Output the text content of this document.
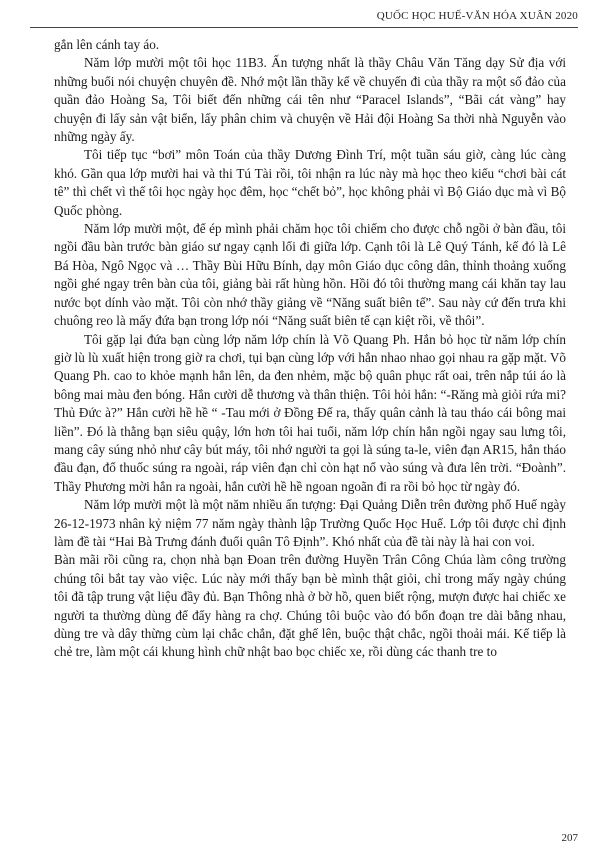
QUỐC HỌC HUẾ-VĂN HÓA XUÂN 2020

gắn lên cánh tay áo.

Năm lớp mười một tôi học 11B3. Ấn tượng nhất là thầy Châu Văn Tăng dạy Sử địa với những buổi nói chuyện chuyên đề. Nhớ một lần thầy kể về chuyến đi của thầy ra một số đảo của quần đảo Hoàng Sa, Tôi biết đến những cái tên như “Paracel Islands”, “Bãi cát vàng” hay chuyện đi lấy sản vật biển, lấy phân chim và chuyện về Hải đội Hoàng Sa thời nhà Nguyễn vào những ngày ấy.

Tôi tiếp tục “bơi” môn Toán của thầy Dương Đình Trí, một tuần sáu giờ, càng lúc càng khó. Gần qua lớp mười hai và thi Tú Tài rồi, tôi nhận ra lúc này mà học theo kiểu “chơi bài cát tê” thì chết vì thế tôi học ngày học đêm, học “chết bỏ”, học không phải vì Bộ Giáo dục mà vì Bộ Quốc phòng.

Năm lớp mười một, để ép mình phải chăm học tôi chiếm cho được chỗ ngồi ở bàn đầu, tôi ngồi đầu bàn trước bàn giáo sư ngay cạnh lối đi giữa lớp. Cạnh tôi là Lê Quý Tánh, kế đó là Lê Bá Hòa, Ngô Ngọc và … Thầy Bùi Hữu Bính, dạy môn Giáo dục công dân, thỉnh thoảng xuống ngồi ghé ngay trên bàn của tôi, giảng bài rất hùng hồn. Hồi đó tôi thường mang cái khăn tay lau nước bọt dính vào mặt. Tôi còn nhớ thầy giảng về “Năng suất biên tế”. Sau này cứ đến trưa khi chuông reo là mấy đứa bạn trong lớp nói “Năng suất biên tế cạn kiệt rồi, về thôi”.

Tôi gặp lại đứa bạn cùng lớp năm lớp chín là Võ Quang Ph. Hắn bỏ học từ năm lớp chín giờ lù lù xuất hiện trong giờ ra chơi, tụi bạn cùng lớp với hắn nhao nhao gọi nhau ra gặp mặt. Võ Quang Ph. cao to khỏe mạnh hẳn lên, da đen nhẻm, mặc bộ quân phục rất oai, trên nắp túi áo là bông mai màu đen bóng. Hắn cười dễ thương và thân thiện. Tôi hỏi hắn: “-Răng mà giỏi rứa mi? Thủ Đức à?” Hắn cười hề hề “ -Tau mới ở Đồng Đế ra, thấy quân cảnh là tau tháo cái bông mai liền”. Đó là thằng bạn siêu quậy, lớn hơn tôi hai tuổi, năm lớp chín hắn ngồi ngay sau lưng tôi, mang cây súng nhỏ như cây bút máy, tôi nhớ người ta gọi là súng ta-le, viên đạn AR15, hắn tháo đầu đạn, đổ thuốc súng ra ngoài, ráp viên đạn chỉ còn hạt nổ vào súng và đưa lên trời. “Đoành”. Thầy Phương mời hắn ra ngoài, hắn cười hề hề ngoan ngoãn đi ra rồi bỏ học từ ngày đó.

Năm lớp mười một là một năm nhiều ấn tượng: Đại Quảng Diễn trên đường phố Huế ngày 26-12-1973 nhân kỷ niệm 77 năm ngày thành lập Trường Quốc Học Huế. Lớp tôi được chỉ định làm đề tài “Hai Bà Trưng đánh đuổi quân Tô Định”. Khó nhất của đề tài này là hai con voi.

Bàn mãi rồi cũng ra, chọn nhà bạn Đoan trên đường Huyền Trân Công Chúa làm công trường chúng tôi bắt tay vào việc. Lúc này mới thấy bạn bè mình thật giỏi, chỉ trong mấy ngày chúng tôi đã tập trung vật liệu đầy đủ. Bạn Thông nhà ở bờ hồ, quen biết rộng, mượn được hai chiếc xe người ta thường dùng để đẩy hàng ra chợ. Chúng tôi buộc vào đó bốn đoạn tre dài bằng nhau, dùng tre và dây thừng cùm lại chắc chắn, đặt ghế lên, buộc thật chắc, ngồi thoải mái. Kế tiếp là chẻ tre, làm một cái khung hình chữ nhật bao bọc chiếc xe, rồi dùng các thanh tre to

207
